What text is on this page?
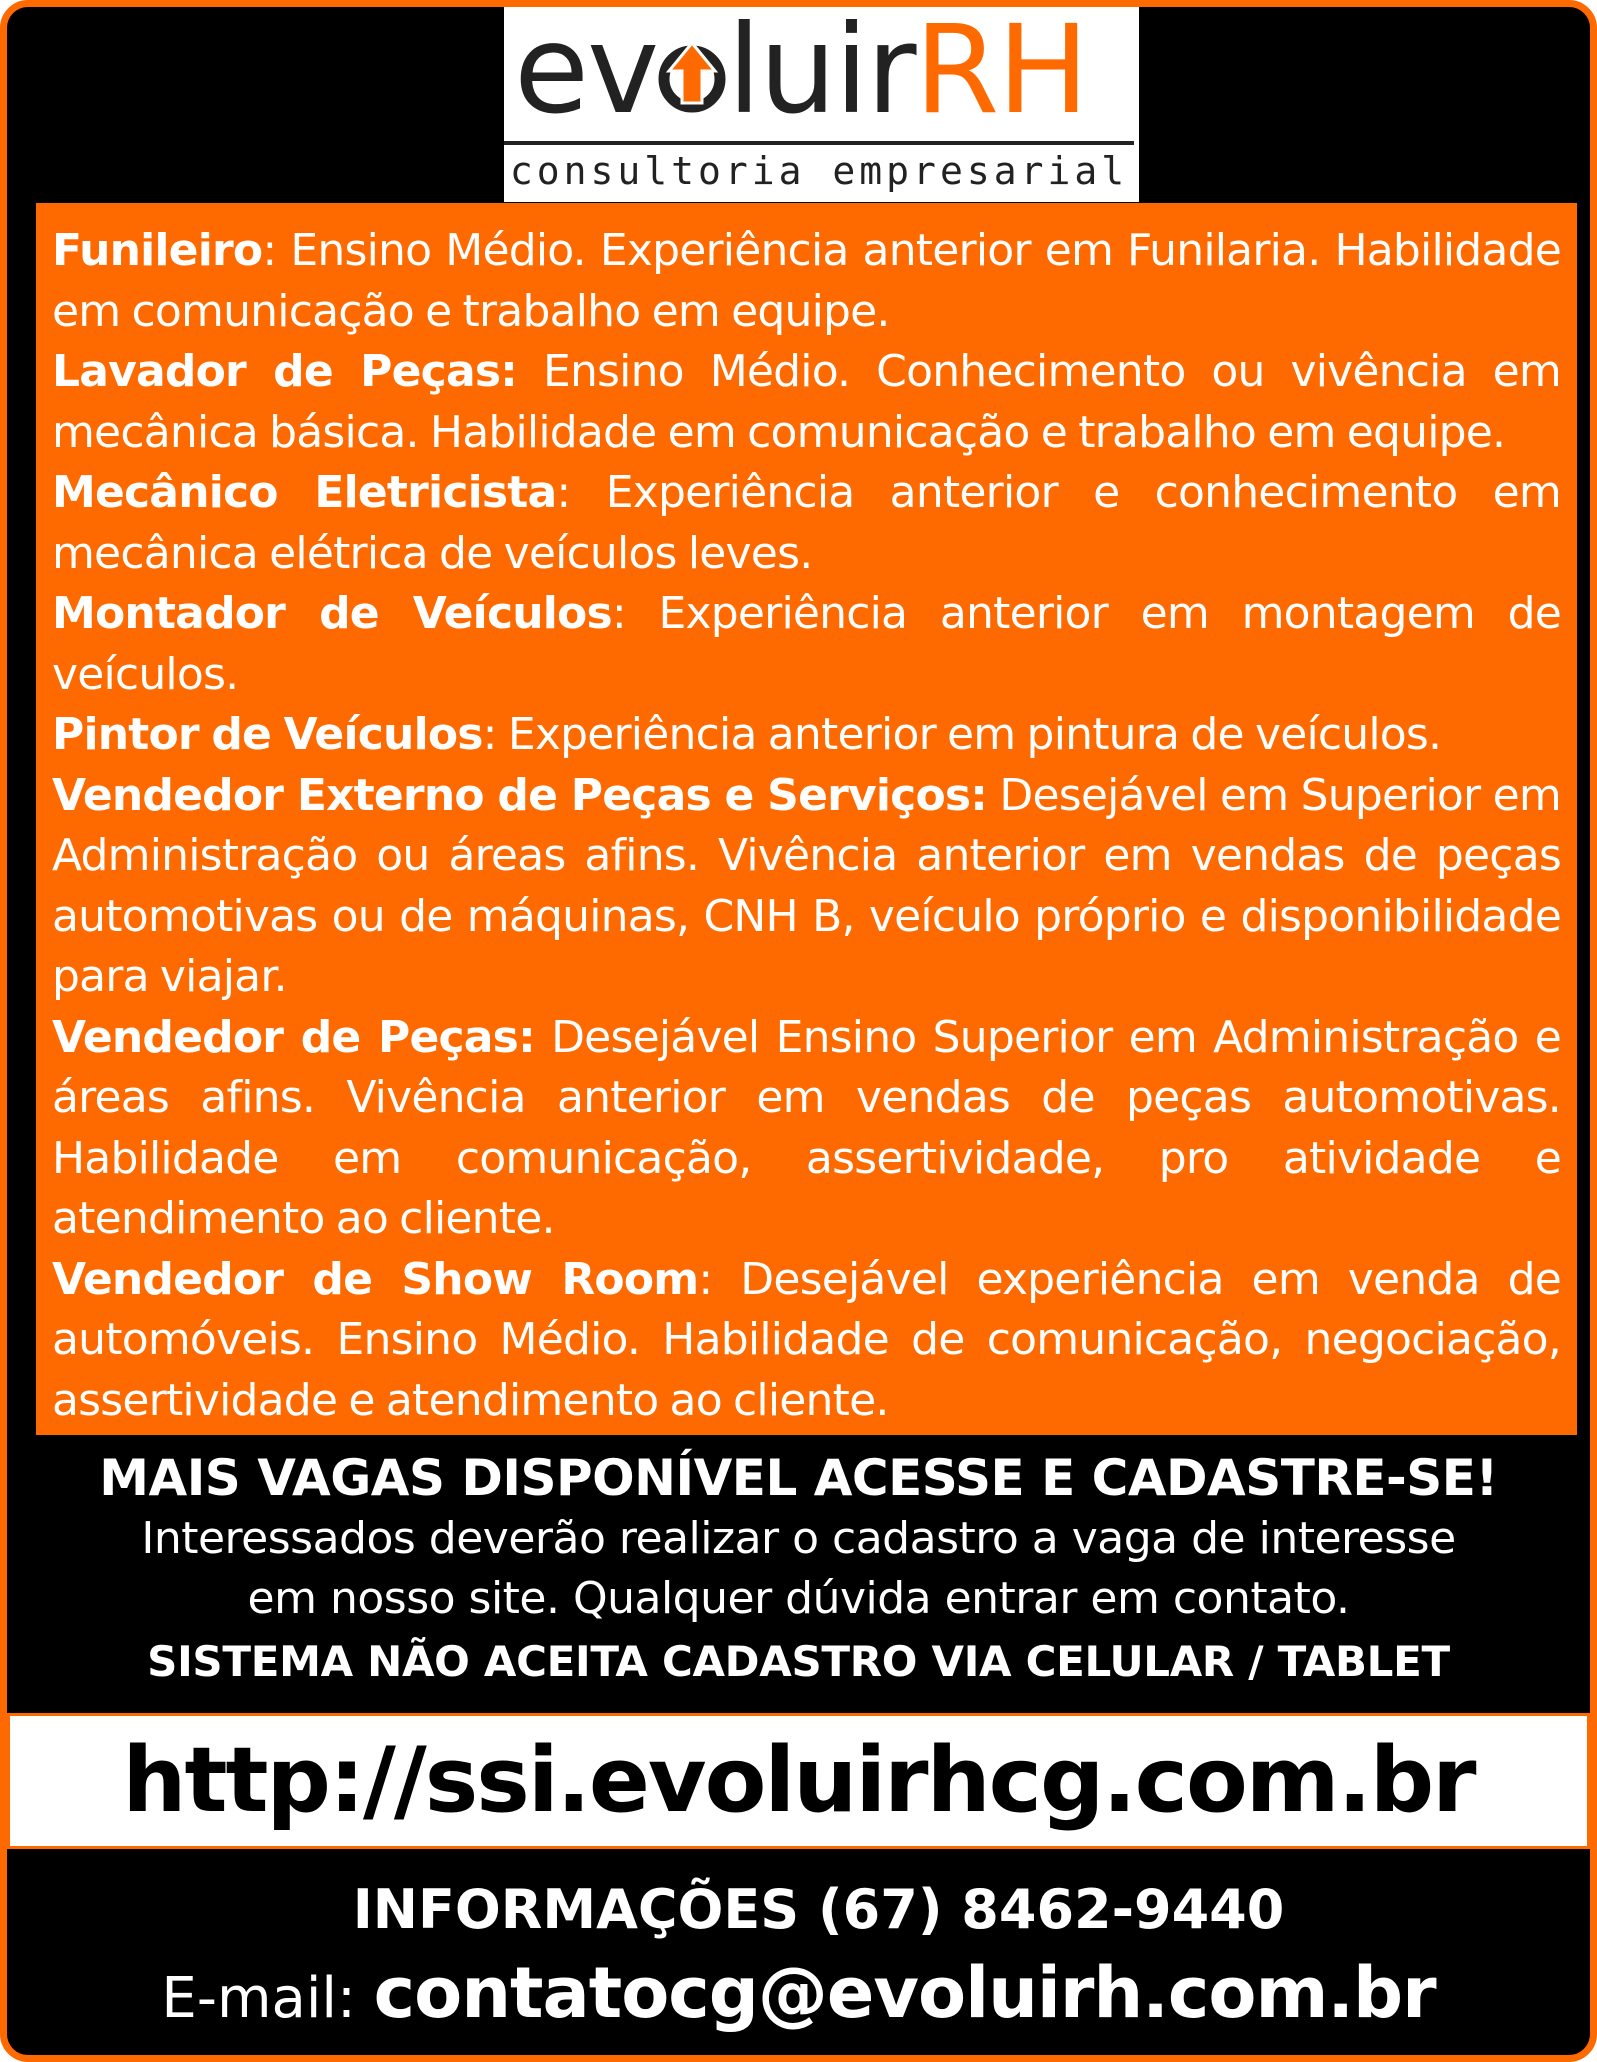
ev luirRH
consultoria empresarial

Funileiro: Ensino Médio. Experiência anterior em Funilaria. Habilidade em comunicação e trabalho em equipe.

Lavador de Peças: Ensino Médio. Conhecimento ou vivência em mecânica básica. Habilidade em comunicação e trabalho em equipe.

Mecânico Eletricista: Experiência anterior e conhecimento em mecânica elétrica de veículos leves.

Montador de Veículos: Experiência anterior em montagem de veículos.

Pintor de Veículos: Experiência anterior em pintura de veículos.

Vendedor Externo de Peças e Serviços: Desejável em Superior em Administração ou áreas afins. Vivência anterior em vendas de peças automotivas ou de máquinas, CNH B, veículo próprio e disponibilidade para viajar.

Vendedor de Peças: Desejável Ensino Superior em Administração e áreas afins. Vivência anterior em vendas de peças automotivas. Habilidade em comunicação, assertividade, pro atividade e atendimento ao cliente.

Vendedor de Show Room: Desejável experiência em venda de automóveis. Ensino Médio. Habilidade de comunicação, negociação, assertividade e atendimento ao cliente.

MAIS VAGAS DISPONÍVEL ACESSE E CADASTRE-SE!
Interessados deverão realizar o cadastro a vaga de interesse
em nosso site. Qualquer dúvida entrar em contato.
SISTEMA NÃO ACEITA CADASTRO VIA CELULAR / TABLET
http://ssi.evoluirhcg.com.br
INFORMAÇÕES (67) 8462-9440
E-mail: contatocg@evoluirh.com.br
